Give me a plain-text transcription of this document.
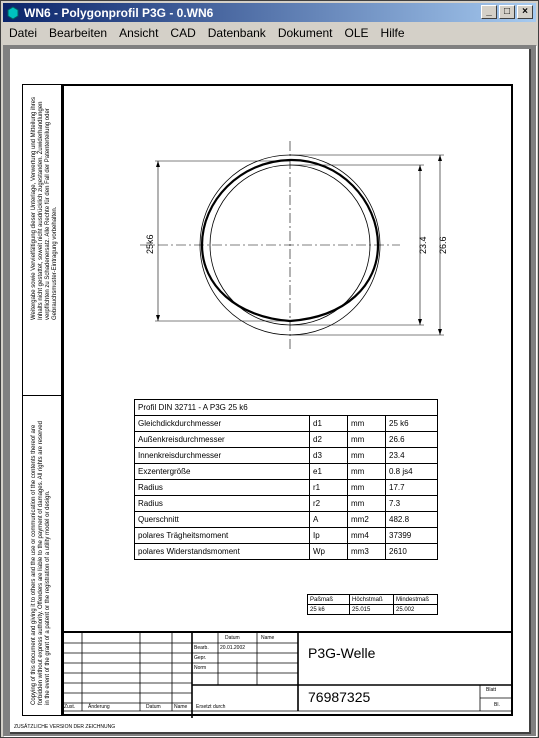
WN6 - Polygonprofil P3G - 0.WN6	_	□	×
Datei	Bearbeiten	Ansicht	CAD	Datenbank	Dokument	OLE	Hilfe
Weitergabe sowie Vervielfältigung dieser Unterlage, Verwertung und Mitteilung ihres Inhalts nicht gestattet, soweit nicht ausdrücklich zugestanden. Zuwiderhandlungen verpflichten zu Schadenersatz. Alle Rechte für den Fall der Patenterteilung oder Gebrauchsmuster-Eintragung vorbehalten.
Copying of this document and giving it to others and the use or communication of the contents thereof are forbidden without express authority. Offenders are liable to the payment of damages. All rights are reserved in the event of the grant of a patent or the registration of a utility model or design.
25k6	23.4 26.6
Profil DIN 32711 - A P3G 25 k6			
Gleichdickdurchmesser	d1	mm	25 k6
Außenkreisdurchmesser	d2	mm	26.6
Innenkreisdurchmesser	d3	mm	23.4
Exzentergröße	e1	mm	0.8 js4
Radius	r1	mm	17.7
Radius	r2	mm	7.3
Querschnitt	A	mm2	482.8
polares Trägheitsmoment	Ip	mm4	37399
polares Widerstandsmoment	Wp	mm3	2610
Paßmaß	Höchstmaß	Mindestmaß
25 k6	25.015	25.002
Datum	Name
Bearb. 20.01.2002
Gepr.
Norm
P3G-Welle
76987325	Blatt
Bl.
Zust.	Änderung	Datum	Name Ersetzt durch
ZUSÄTZLICHE VERSION DER ZEICHNUNG
